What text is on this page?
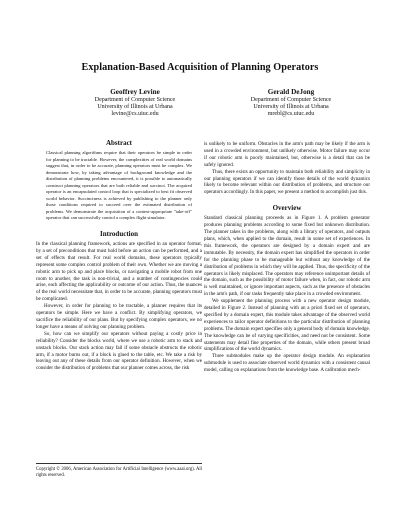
Explanation-Based Acquisition of Planning Operators
Geoffrey Levine
Department of Computer Science
University of Illinois at Urbana
levine@cs.uiuc.edu
Gerald DeJong
Department of Computer Science
University of Illinois at Urbana
mrebl@cs.uiuc.edu
Abstract

Classical planning algorithms require that their operators be simple in order for planning to be tractable. However, the complexities of real world domains suggest that, in order to be accurate, planning operators must be complex. We demonstrate how, by taking advantage of background knowledge and the distribution of planning problems encountered, it is possible to automatically construct planning operators that are both reliable and succinct. The acquired operator is an encapsulated control loop that is specialized to best fit observed world behavior. Succinctness is achieved by publishing to the planner only those conditions required to succeed over the estimated distribution of problems. We demonstrate the acquisition of a context-appropriate "take-off" operator that can successfully control a complex flight simulator.

Introduction

In the classical planning framework, actions are specified in an operator format, by a set of preconditions that must hold before an action can be performed, and a set of effects that result. For real world domains, these operators typically represent some complex control problem of their own. Whether we are moving a robotic arm to pick up and place blocks, or navigating a mobile robot from one room to another, the task is non-trivial, and a number of contingencies could arise, each affecting the applicability or outcome of our action. Thus, the nuances of the real world necessitate that, in order to be accurate, planning operators must be complicated.

However, in order for planning to be tractable, a planner requires that its operators be simple. Here we have a conflict. By simplifying operators, we sacrifice the reliability of our plans. But by specifying complex operators, we no longer have a means of solving our planning problem.

So, how can we simplify our operators without paying a costly price in reliability? Consider the blocks world, where we use a robotic arm to stack and unstack blocks. Our stack action may fail if some obstacle obstructs the robotic arm, if a motor burns out, if a block is glued to the table, etc. We take a risk by leaving out any of these details from our operator definition. However, when we consider the distribution of problems that our planner comes across, the risk

Copyright © 2006, American Association for Artificial Intelligence (www.aaai.org). All rights reserved.

is unlikely to be uniform. Obstacles in the arm's path may be likely if the arm is used in a crowded environment, but unlikely otherwise. Motor failure may occur if our robotic arm is poorly maintained, but, otherwise is a detail that can be safely ignored.

Thus, there exists an opportunity to maintain both reliability and simplicity in our planning operators if we can identify those details of the world dynamics likely to become relevant within our distribution of problems, and structure our operators accordingly. In this paper, we present a method to accomplish just this.

Overview

Standard classical planning proceeds as in Figure 1. A problem generator produces planning problems according to some fixed but unknown distribution. The planner takes in the problems, along with a library of operators, and outputs plans, which, when applied to the domain, result in some set of experiences. In this framework, the operators are designed by a domain expert and are immutable. By necessity, the domain expert has simplified the operators in order for the planning phase to be manageable but without any knowledge of the distribution of problems in which they will be applied. Thus, the specificity of the operators is likely misplaced. The operators may reference unimportant details of the domain, such as the possibility of motor failure when, in fact, our robotic arm is well maintained, or ignore important aspects, such as the presence of obstacles in the arm's path, if our tasks frequently take place in a crowded environment.

We supplement the planning process with a new operator design module, detailed in Figure 2. Instead of planning with an a priori fixed set of operators, specified by a domain expert, this module takes advantage of the observed world experiences to tailor operator definitions to the particular distribution of planning problems. The domain expert specifies only a general body of domain knowledge. The knowledge can be of varying specificities, and need not be consistent. Some statements may detail fine properties of the domain, while others present broad simplifications of the world dynamics.

Three submodules make up the operator design module. An explanation submodule is used to associate observed world dynamics with a consistent causal model, calling on explanations from the knowledge base. A calibration mech-
